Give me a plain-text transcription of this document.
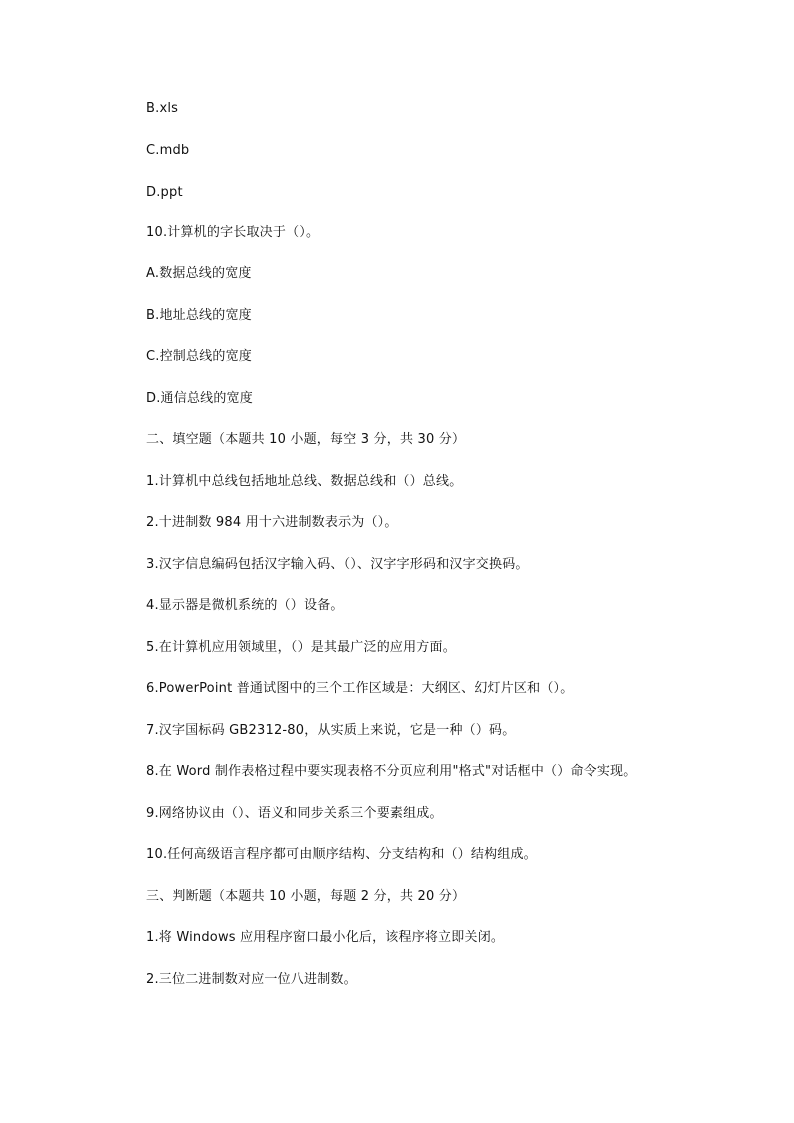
B.xls
C.mdb
D.ppt
10.计算机的字长取决于（）。
A.数据总线的宽度
B.地址总线的宽度
C.控制总线的宽度
D.通信总线的宽度
二、填空题（本题共 10 小题，每空 3 分，共 30 分）
1.计算机中总线包括地址总线、数据总线和（）总线。
2.十进制数 984 用十六进制数表示为（）。
3.汉字信息编码包括汉字输入码、（）、汉字字形码和汉字交换码。
4.显示器是微机系统的（）设备。
5.在计算机应用领域里，（）是其最广泛的应用方面。
6.PowerPoint 普通试图中的三个工作区域是：大纲区、幻灯片区和（）。
7.汉字国标码 GB2312-80，从实质上来说，它是一种（）码。
8.在 Word 制作表格过程中要实现表格不分页应利用"格式"对话框中（）命令实现。
9.网络协议由（）、语义和同步关系三个要素组成。
10.任何高级语言程序都可由顺序结构、分支结构和（）结构组成。
三、判断题（本题共 10 小题，每题 2 分，共 20 分）
1.将 Windows 应用程序窗口最小化后，该程序将立即关闭。
2.三位二进制数对应一位八进制数。
